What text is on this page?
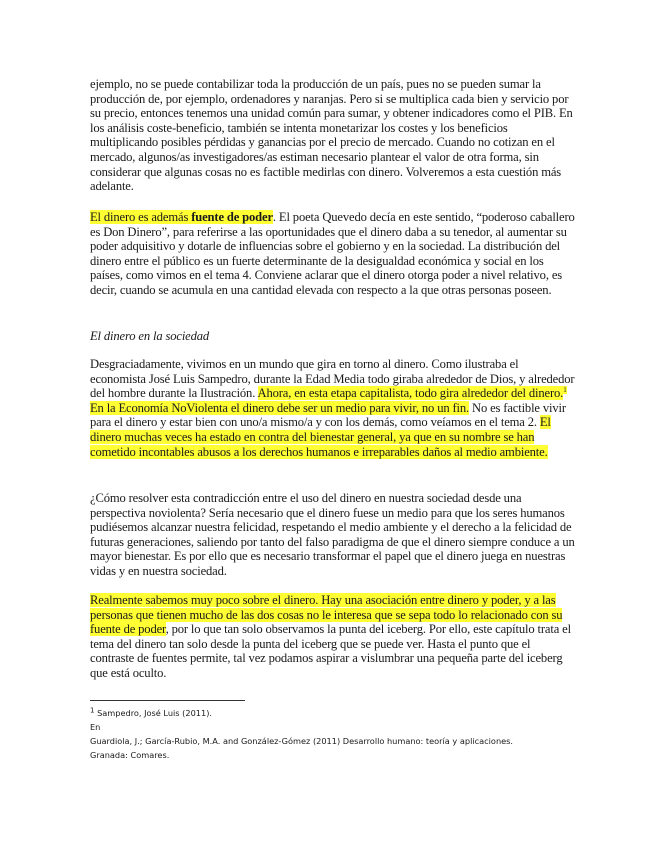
ejemplo, no se puede contabilizar toda la producción de un país, pues no se pueden sumar la producción de, por ejemplo, ordenadores y naranjas. Pero si se multiplica cada bien y servicio por su precio, entonces tenemos una unidad común para sumar, y obtener indicadores como el PIB. En los análisis coste-beneficio, también se intenta monetarizar los costes y los beneficios multiplicando posibles pérdidas y ganancias por el precio de mercado. Cuando no cotizan en el mercado, algunos/as investigadores/as estiman necesario plantear el valor de otra forma, sin considerar que algunas cosas no es factible medirlas con dinero. Volveremos a esta cuestión más adelante.
El dinero es además fuente de poder. El poeta Quevedo decía en este sentido, “poderoso caballero es Don Dinero”, para referirse a las oportunidades que el dinero daba a su tenedor, al aumentar su poder adquisitivo y dotarle de influencias sobre el gobierno y en la sociedad. La distribución del dinero entre el público es un fuerte determinante de la desigualdad económica y social en los países, como vimos en el tema 4. Conviene aclarar que el dinero otorga poder a nivel relativo, es decir, cuando se acumula en una cantidad elevada con respecto a la que otras personas poseen.
El dinero en la sociedad
Desgraciadamente, vivimos en un mundo que gira en torno al dinero. Como ilustraba el economista José Luis Sampedro, durante la Edad Media todo giraba alrededor de Dios, y alrededor del hombre durante la Ilustración. Ahora, en esta etapa capitalista, todo gira alrededor del dinero.$^1$ En la Economía NoViolenta el dinero debe ser un medio para vivir, no un fin. No es factible vivir para el dinero y estar bien con uno/a mismo/a y con los demás, como veíamos en el tema 2. El dinero muchas veces ha estado en contra del bienestar general, ya que en su nombre se han cometido incontables abusos a los derechos humanos e irreparables daños al medio ambiente.
¿Cómo resolver esta contradicción entre el uso del dinero en nuestra sociedad desde una perspectiva noviolenta? Sería necesario que el dinero fuese un medio para que los seres humanos pudiésemos alcanzar nuestra felicidad, respetando el medio ambiente y el derecho a la felicidad de futuras generaciones, saliendo por tanto del falso paradigma de que el dinero siempre conduce a un mayor bienestar. Es por ello que es necesario transformar el papel que el dinero juega en nuestras vidas y en nuestra sociedad.
Realmente sabemos muy poco sobre el dinero. Hay una asociación entre dinero y poder, y a las personas que tienen mucho de las dos cosas no le interesa que se sepa todo lo relacionado con su fuente de poder, por lo que tan solo observamos la punta del iceberg. Por ello, este capítulo trata el tema del dinero tan solo desde la punta del iceberg que se puede ver. Hasta el punto que el contraste de fuentes permite, tal vez podamos aspirar a vislumbrar una pequeña parte del iceberg que está oculto.
$^1$ Sampedro, José Luis (2011).
En
Guardiola, J.; García-Rubio, M.A. and González-Gómez (2011) Desarrollo humano: teoría y aplicaciones.
Granada: Comares.
